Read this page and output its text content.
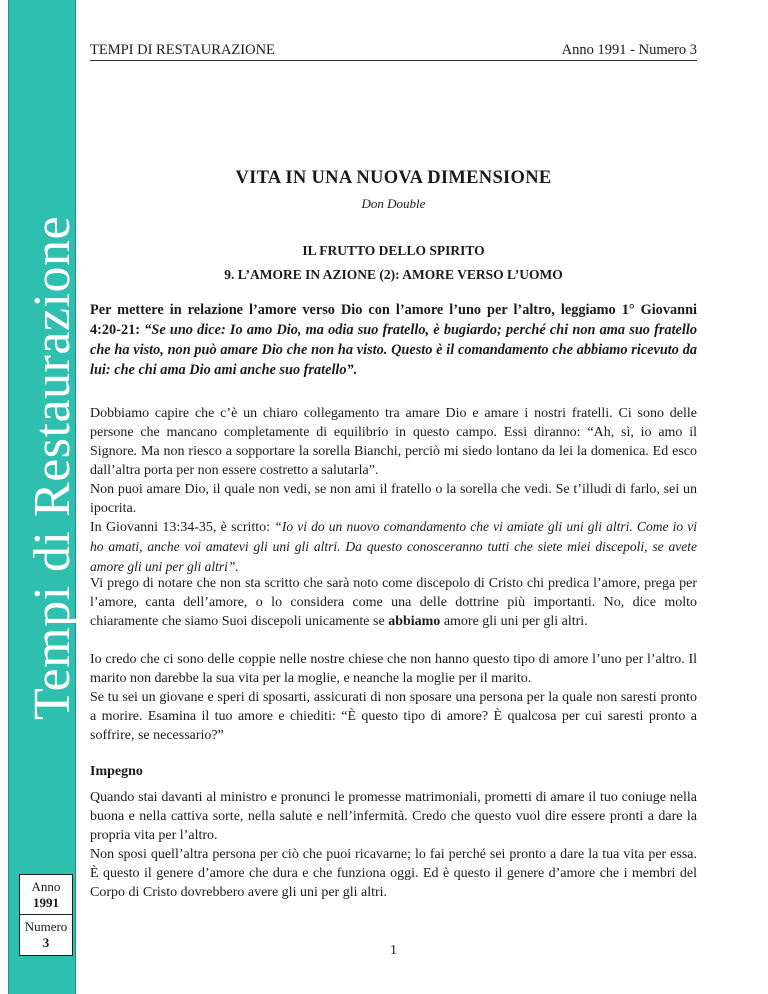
Tempi di Restaurazione
Anno
1991
Numero
3
TEMPI DI RESTAURAZIONE	Anno 1991 - Numero 3
VITA IN UNA NUOVA DIMENSIONE
Don Double
IL FRUTTO DELLO SPIRITO
9. L’AMORE IN AZIONE (2): AMORE VERSO L’UOMO

Per mettere in relazione l’amore verso Dio con l’amore l’uno per l’altro, leggiamo 1° Giovanni 4:20-21: “Se uno dice: Io amo Dio, ma odia suo fratello, è bugiardo; perché chi non ama suo fratello che ha visto, non può amare Dio che non ha visto. Questo è il comandamento che abbiamo ricevuto da lui: che chi ama Dio ami anche suo fratello”.

Dobbiamo capire che c’è un chiaro collegamento tra amare Dio e amare i nostri fratelli. Ci sono delle persone che mancano completamente di equilibrio in questo campo. Essi diranno: “Ah, sì, io amo il Signore. Ma non riesco a sopportare la sorella Bianchi, perciò mi siedo lontano da lei la domenica. Ed esco dall’altra porta per non essere costretto a salutarla”.

Non puoi amare Dio, il quale non vedi, se non ami il fratello o la sorella che vedi. Se t’illudi di farlo, sei un ipocrita.

In Giovanni 13:34-35, è scritto: “Io vi do un nuovo comandamento che vi amiate gli uni gli altri. Come io vi ho amati, anche voi amatevi gli uni gli altri. Da questo conosceranno tutti che siete miei discepoli, se avete amore gli uni per gli altri”.

Vi prego di notare che non sta scritto che sarà noto come discepolo di Cristo chi predica l’amore, prega per l’amore, canta dell’amore, o lo considera come una delle dottrine più importanti. No, dice molto chiaramente che siamo Suoi discepoli unicamente se abbiamo amore gli uni per gli altri.

Io credo che ci sono delle coppie nelle nostre chiese che non hanno questo tipo di amore l’uno per l’altro. Il marito non darebbe la sua vita per la moglie, e neanche la moglie per il marito.

Se tu sei un giovane e speri di sposarti, assicurati di non sposare una persona per la quale non saresti pronto a morire. Esamina il tuo amore e chiediti: “È questo tipo di amore? È qualcosa per cui saresti pronto a soffrire, se necessario?”

Impegno

Quando stai davanti al ministro e pronunci le promesse matrimoniali, prometti di amare il tuo coniuge nella buona e nella cattiva sorte, nella salute e nell’infermità. Credo che questo vuol dire essere pronti a dare la propria vita per l’altro.

Non sposi quell’altra persona per ciò che puoi ricavarne; lo fai perché sei pronto a dare la tua vita per essa. È questo il genere d’amore che dura e che funziona oggi. Ed è questo il genere d’amore che i membri del Corpo di Cristo dovrebbero avere gli uni per gli altri.

1
